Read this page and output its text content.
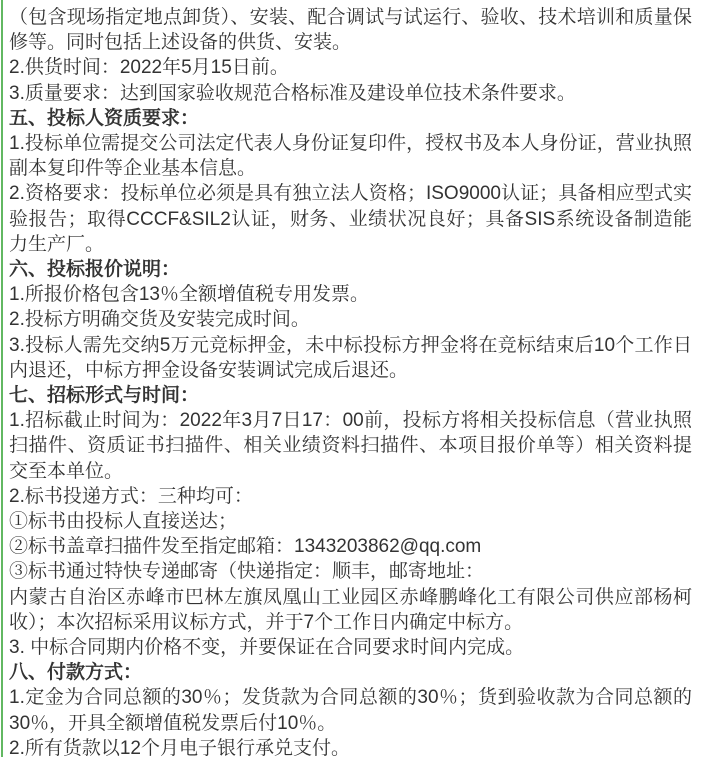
（包含现场指定地点卸货）、安装、配合调试与试运行、验收、技术培训和质量保修等。同时包括上述设备的供货、安装。

2.供货时间：2022年5月15日前。

3.质量要求：达到国家验收规范合格标准及建设单位技术条件要求。

五、投标人资质要求：

1.投标单位需提交公司法定代表人身份证复印件，授权书及本人身份证，营业执照副本复印件等企业基本信息。

2.资格要求：投标单位必须是具有独立法人资格；ISO9000认证；具备相应型式实验报告；取得CCCF&SIL2认证，财务、业绩状况良好；具备SIS系统设备制造能力生产厂。

六、投标报价说明：

1.所报价格包含13％全额增值税专用发票。

2.投标方明确交货及安装完成时间。

3.投标人需先交纳5万元竞标押金，未中标投标方押金将在竞标结束后10个工作日内退还，中标方押金设备安装调试完成后退还。

七、招标形式与时间：

1.招标截止时间为：2022年3月7日17：00前，投标方将相关投标信息（营业执照扫描件、资质证书扫描件、相关业绩资料扫描件、本项目报价单等）相关资料提交至本单位。

2.标书投递方式：三种均可：

①标书由投标人直接送达；

②标书盖章扫描件发至指定邮箱：1343203862@qq.com

③标书通过特快专递邮寄（快递指定：顺丰，邮寄地址：

内蒙古自治区赤峰市巴林左旗凤凰山工业园区赤峰鹏峰化工有限公司供应部杨柯收）；本次招标采用议标方式，并于7个工作日内确定中标方。

3. 中标合同期内价格不变，并要保证在合同要求时间内完成。

八、付款方式：

1.定金为合同总额的30％；发货款为合同总额的30％；货到验收款为合同总额的30％，开具全额增值税发票后付10％。

2.所有货款以12个月电子银行承兑支付。
